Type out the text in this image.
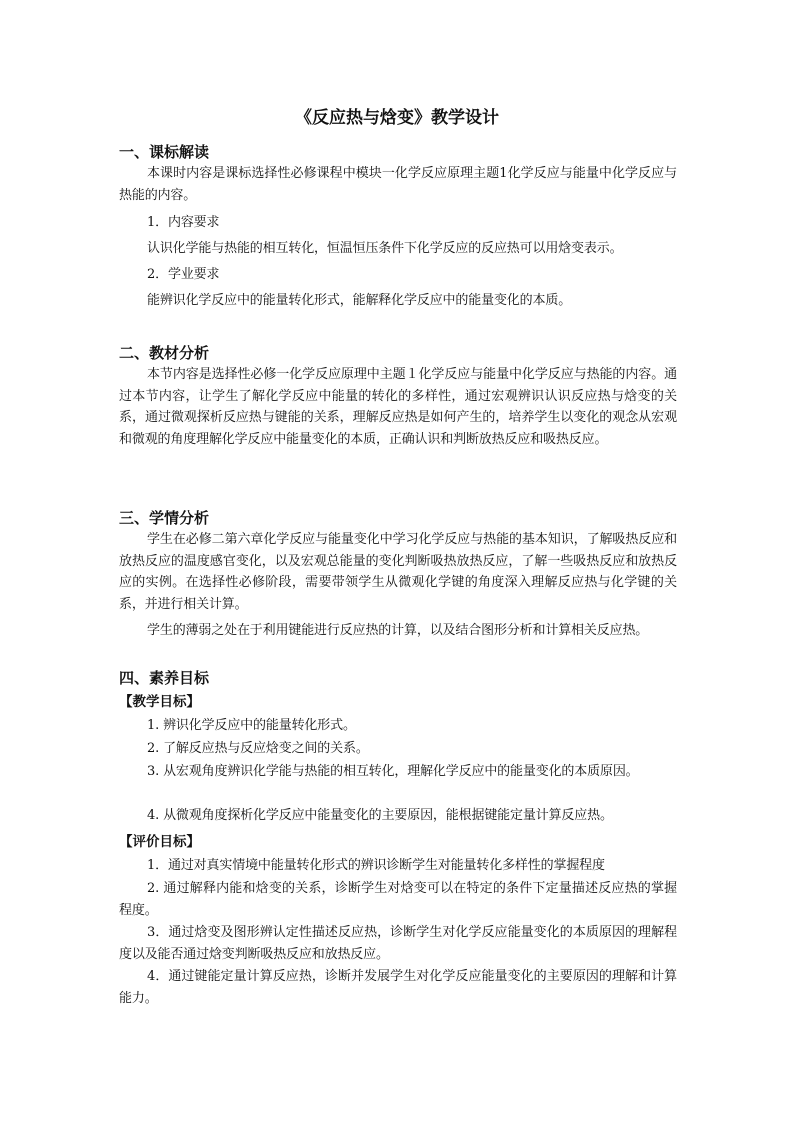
《反应热与焓变》教学设计
一、课标解读
本课时内容是课标选择性必修课程中模块一化学反应原理主题1化学反应与能量中化学反应与热能的内容。
1．内容要求
认识化学能与热能的相互转化，恒温恒压条件下化学反应的反应热可以用焓变表示。
2．学业要求
能辨识化学反应中的能量转化形式，能解释化学反应中的能量变化的本质。
二、教材分析
本节内容是选择性必修一化学反应原理中主题１化学反应与能量中化学反应与热能的内容。通过本节内容，让学生了解化学反应中能量的转化的多样性，通过宏观辨识认识反应热与焓变的关系，通过微观探析反应热与键能的关系，理解反应热是如何产生的，培养学生以变化的观念从宏观和微观的角度理解化学反应中能量变化的本质，正确认识和判断放热反应和吸热反应。
三、学情分析
学生在必修二第六章化学反应与能量变化中学习化学反应与热能的基本知识，了解吸热反应和放热反应的温度感官变化，以及宏观总能量的变化判断吸热放热反应，了解一些吸热反应和放热反应的实例。在选择性必修阶段，需要带领学生从微观化学键的角度深入理解反应热与化学键的关系，并进行相关计算。
学生的薄弱之处在于利用键能进行反应热的计算，以及结合图形分析和计算相关反应热。
四、素养目标
【教学目标】
1. 辨识化学反应中的能量转化形式。
2. 了解反应热与反应焓变之间的关系。
3. 从宏观角度辨识化学能与热能的相互转化，理解化学反应中的能量变化的本质原因。
4. 从微观角度探析化学反应中能量变化的主要原因，能根据键能定量计算反应热。
【评价目标】
1．通过对真实情境中能量转化形式的辨识诊断学生对能量转化多样性的掌握程度
2. 通过解释内能和焓变的关系，诊断学生对焓变可以在特定的条件下定量描述反应热的掌握程度。
3．通过焓变及图形辨认定性描述反应热，诊断学生对化学反应能量变化的本质原因的理解程度以及能否通过焓变判断吸热反应和放热反应。
4．通过键能定量计算反应热，诊断并发展学生对化学反应能量变化的主要原因的理解和计算能力。
